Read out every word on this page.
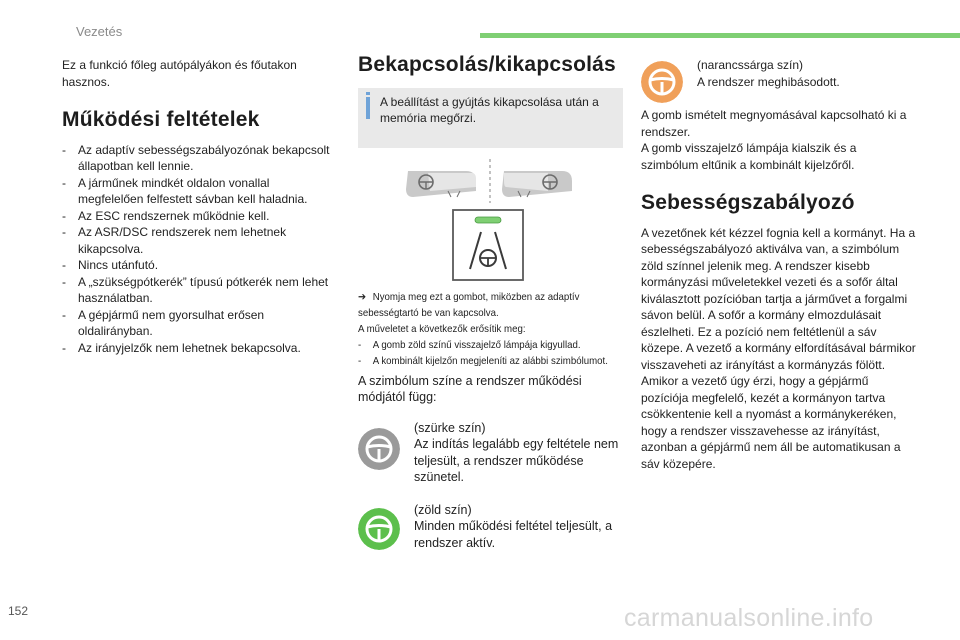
Vezetés

Ez a funkció főleg autópályákon és főutakon hasznos.

Működési feltételek
- Az adaptív sebességszabályozónak bekapcsolt állapotban kell lennie.
- A járműnek mindkét oldalon vonallal megfelelően felfestett sávban kell haladnia.
- Az ESC rendszernek működnie kell.
- Az ASR/DSC rendszerek nem lehetnek kikapcsolva.
- Nincs utánfutó.
- A „szükségpótkerék” típusú pótkerék nem lehet használatban.
- A gépjármű nem gyorsulhat erősen oldalirányban.
- Az irányjelzők nem lehetnek bekapcsolva.
Bekapcsolás/kikapcsolás

A beállítást a gyújtás kikapcsolása után a memória megőrzi.

➔ Nyomja meg ezt a gombot, miközben az adaptív sebességtartó be van kapcsolva.
A műveletet a következők erősítik meg:
- A gomb zöld színű visszajelző lámpája kigyullad.
- A kombinált kijelzőn megjeleníti az alábbi szimbólumot.

A szimbólum színe a rendszer működési módjától függ:

(szürke szín)

Az indítás legalább egy feltétele nem teljesült, a rendszer működése szünetel.

(zöld szín)

Minden működési feltétel teljesült, a rendszer aktív.

(narancssárga szín)

A rendszer meghibásodott.

A gomb ismételt megnyomásával kapcsolható ki a rendszer.

A gomb visszajelző lámpája kialszik és a szimbólum eltűnik a kombinált kijelzőről.

Sebességszabályozó

A vezetőnek két kézzel fognia kell a kormányt. Ha a sebességszabályozó aktiválva van, a szimbólum zöld színnel jelenik meg. A rendszer kisebb kormányzási műveletekkel vezeti és a sofőr által kiválasztott pozícióban tartja a járművet a forgalmi sávon belül. A sofőr a kormány elmozdulásait észlelheti. Ez a pozíció nem feltétlenül a sáv közepe. A vezető a kormány elfordításával bármikor visszaveheti az irányítást a kormányzás fölött. Amikor a vezető úgy érzi, hogy a gépjármű pozíciója megfelelő, kezét a kormányon tartva csökkentenie kell a nyomást a kormánykeréken, hogy a rendszer visszavehesse az irányítást, azonban a gépjármű nem áll be automatikusan a sáv közepére.

152	carmanualsonline.info
